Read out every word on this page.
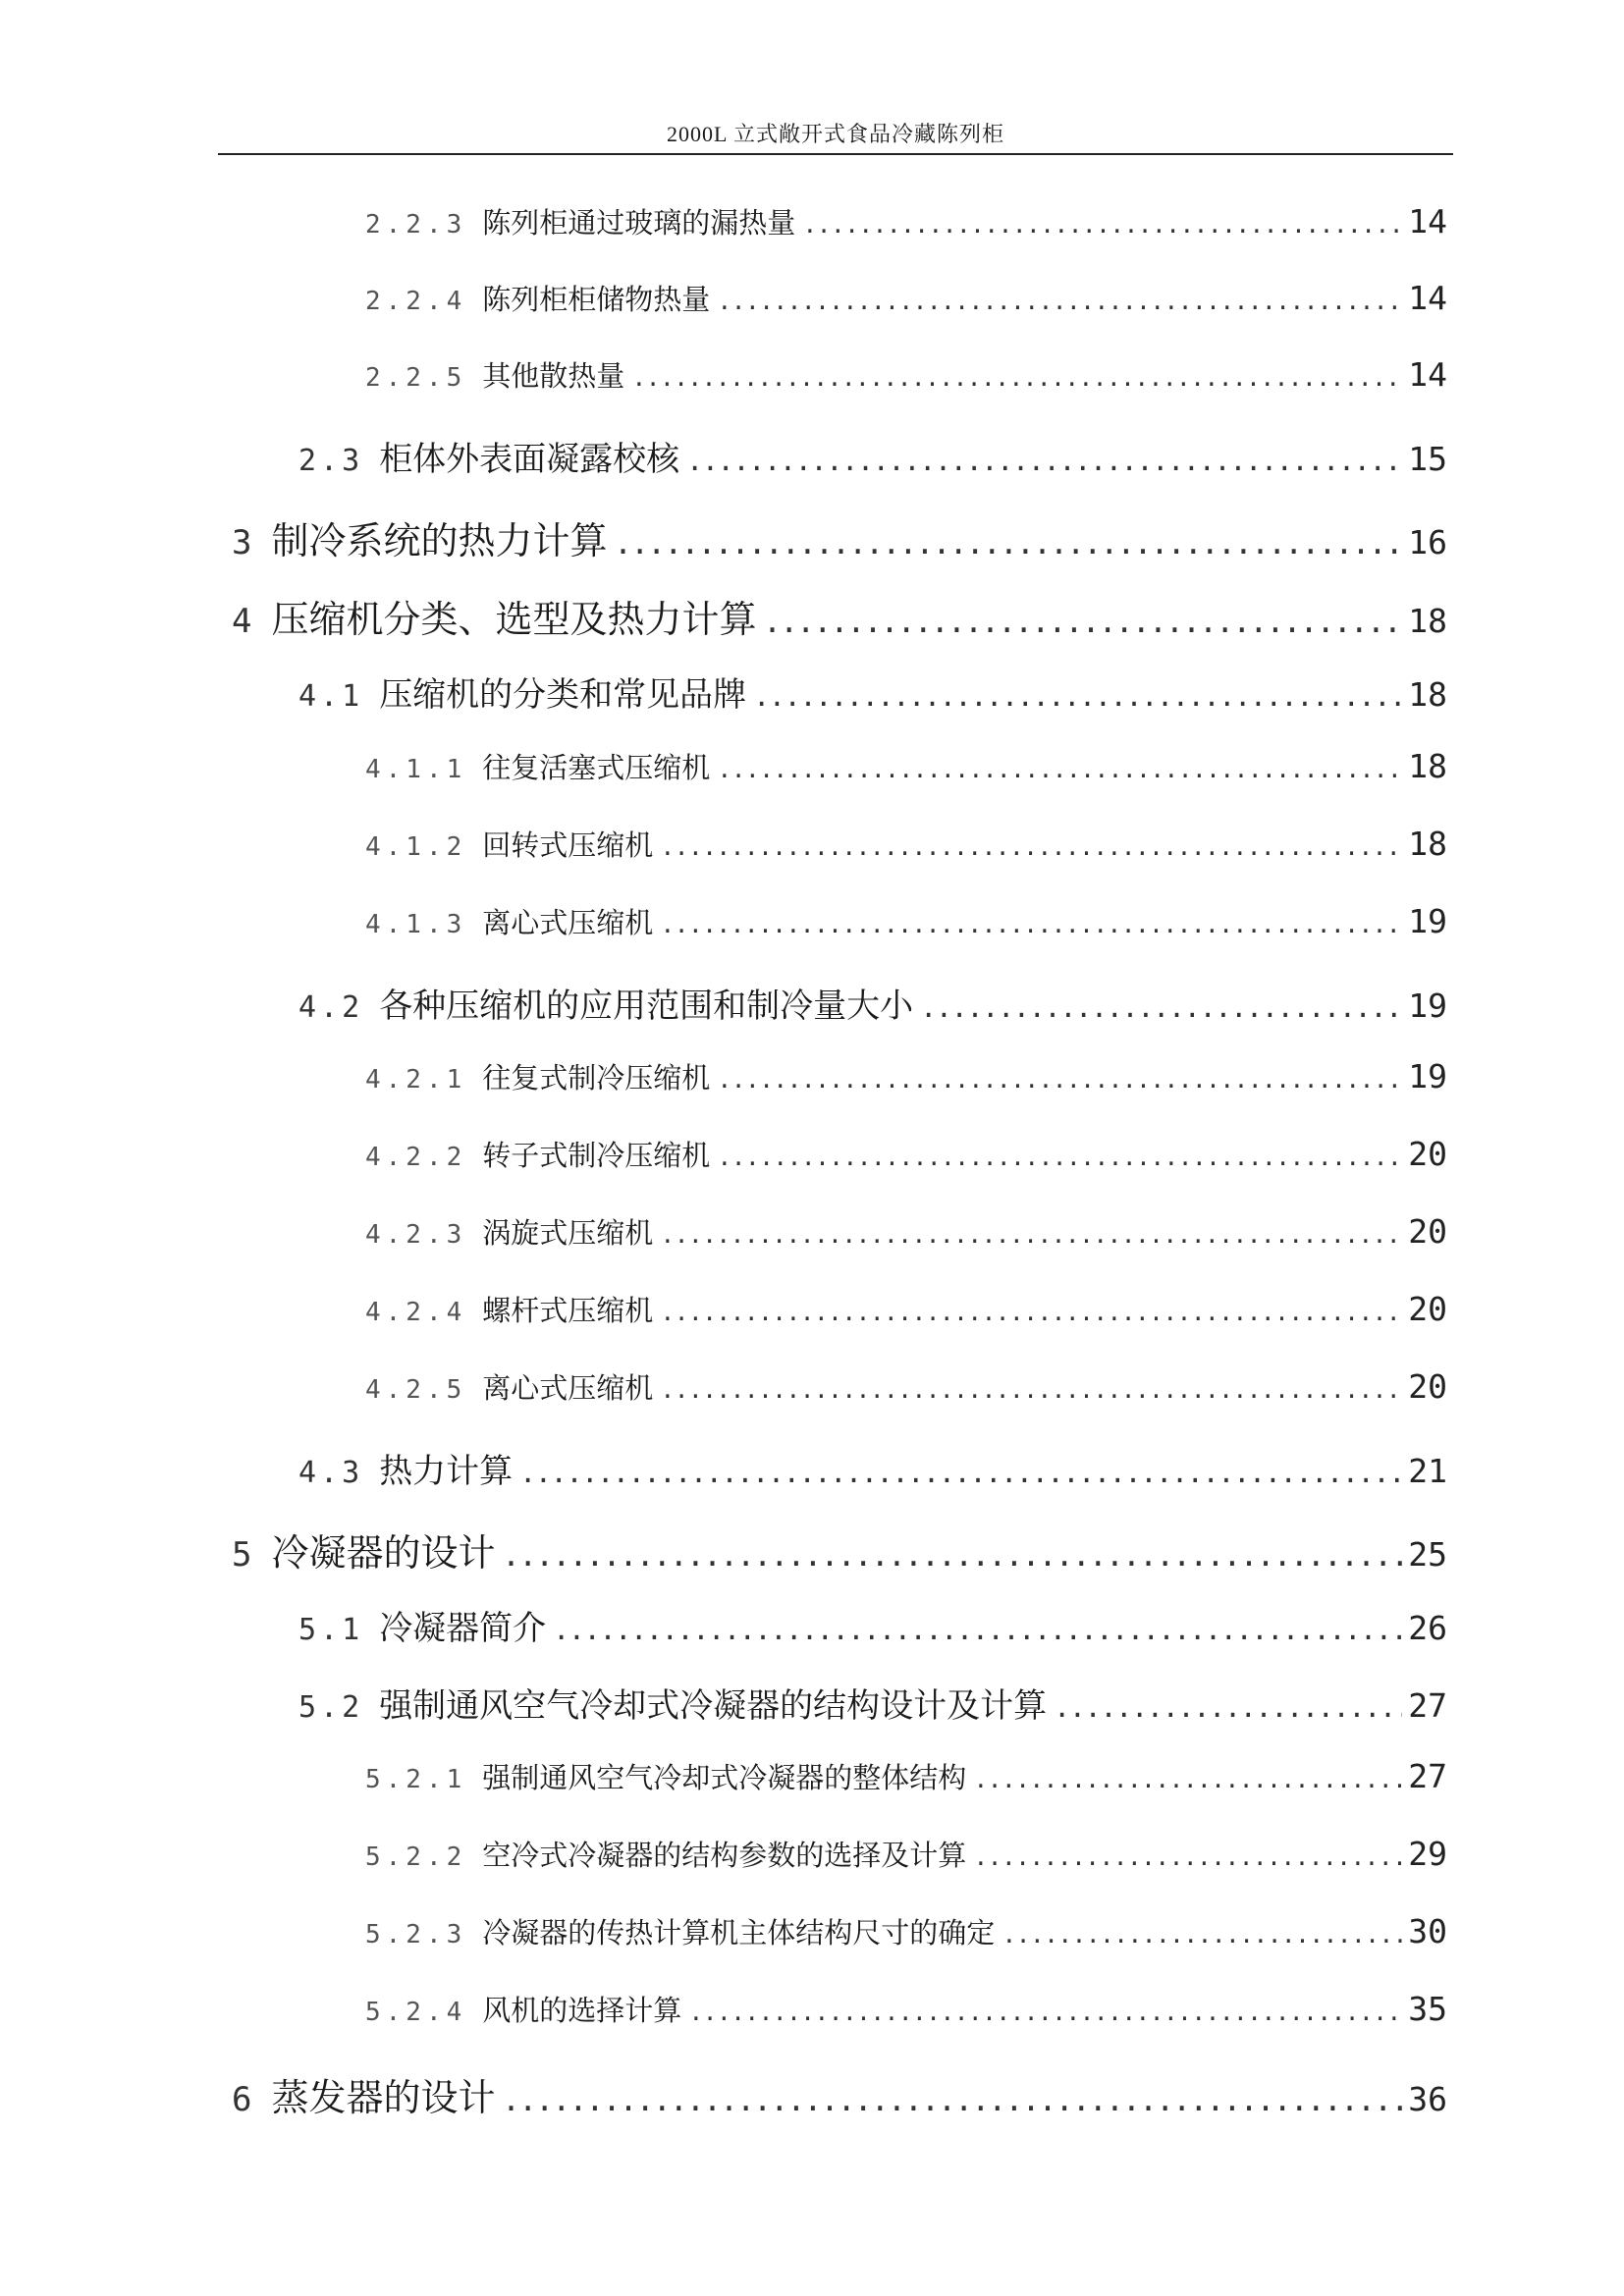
2000L 立式敞开式食品冷藏陈列柜
2.2.3 陈列柜通过玻璃的漏热量 .....	14
2.2.4 陈列柜柜储物热量 .....	14
2.2.5 其他散热量 .....	14
2.3 柜体外表面凝露校核 .....	15
3 制冷系统的热力计算 .....	16
4 压缩机分类、选型及热力计算 .....	18
4.1 压缩机的分类和常见品牌 .....	18
4.1.1 往复活塞式压缩机 .....	18
4.1.2 回转式压缩机 .....	18
4.1.3 离心式压缩机 .....	19
4.2 各种压缩机的应用范围和制冷量大小 .....	19
4.2.1 往复式制冷压缩机 .....	19
4.2.2 转子式制冷压缩机 .....	20
4.2.3 涡旋式压缩机 .....	20
4.2.4 螺杆式压缩机 .....	20
4.2.5 离心式压缩机 .....	20
4.3 热力计算 .....	21
5 冷凝器的设计 .....	25
5.1 冷凝器简介 .....	26
5.2 强制通风空气冷却式冷凝器的结构设计及计算 .....	27
5.2.1 强制通风空气冷却式冷凝器的整体结构 .....	27
5.2.2 空冷式冷凝器的结构参数的选择及计算 .....	29
5.2.3 冷凝器的传热计算机主体结构尺寸的确定 .....	30
5.2.4 风机的选择计算 .....	35
6 蒸发器的设计 .....	36
